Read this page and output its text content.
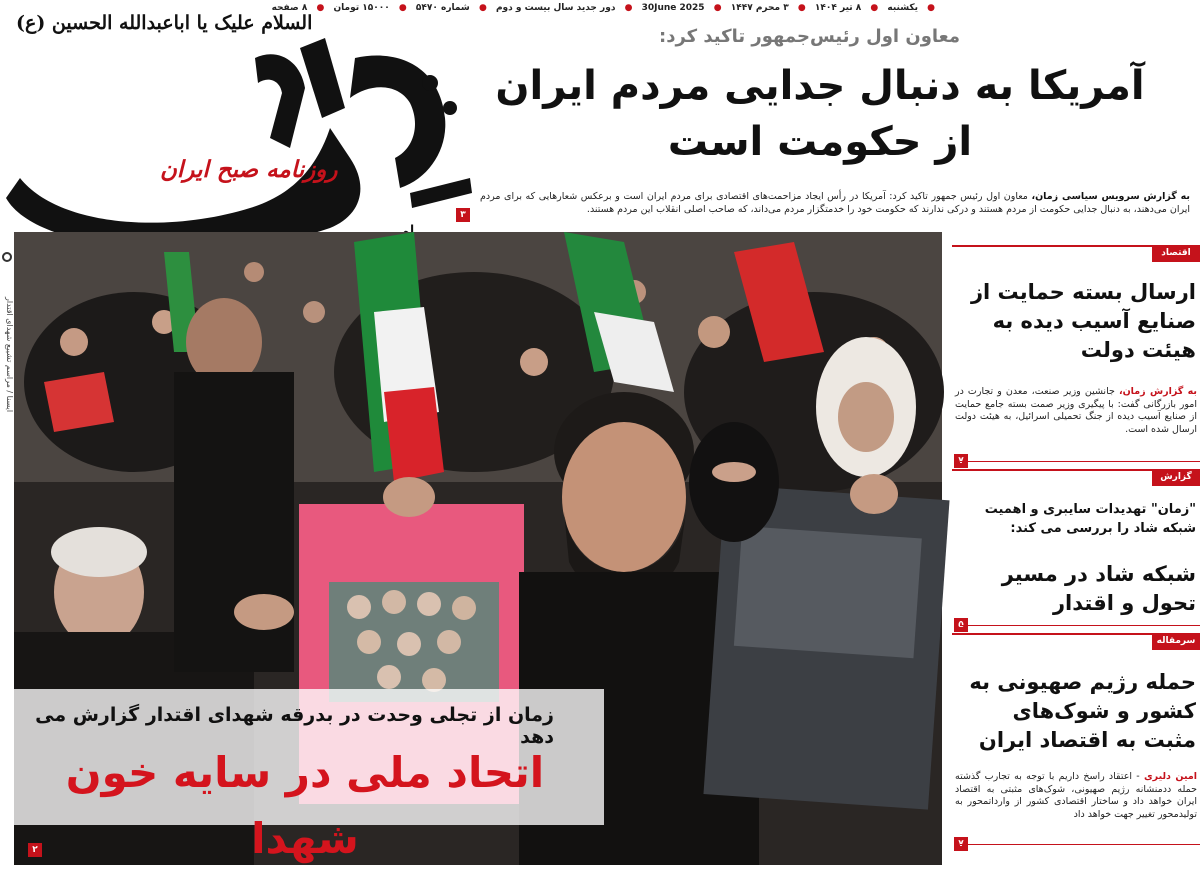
● یکشنبه ● ۸ تیر ۱۴۰۴ ● ۳ محرم ۱۴۴۷ ● 30June 2025 ● دور جدید سال بیست و دوم ● شماره ۵۴۷۰ ● ۱۵۰۰۰ تومان ● ۸ صفحه
السلام علیک یا اباعبدالله الحسین (ع)
روزنامه صبح ایران
معاون اول رئیس‌جمهور تاکید کرد:
آمریکا به دنبال جدایی مردم ایران
از حکومت است
به گزارش سرویس سیاسی زمان، معاون اول رئیس جمهور تاکید کرد: آمریکا در رأس ایجاد مزاحمت‌های اقتصادی برای مردم ایران است و برعکس شعارهایی که برای مردم ایران می‌دهند، به دنبال جدایی حکومت از مردم هستند و درکی ندارند که حکومت خود را خدمتگزار مردم می‌داند، که صاحب اصلی انقلاب این مردم هستند.
۳
ایسنا / مراسم تشییع شهدای اقتدار
زمان از تجلی وحدت در بدرقه شهدای اقتدار گزارش می دهد
اتحاد ملی در سایه خون شهدا
۲
اقتصاد
ارسال بسته حمایت از صنایع آسیب دیده به هیئت دولت
به گزارش زمان، جانشین وزیر صنعت، معدن و تجارت در امور بازرگانی گفت: با پیگیری وزیر صمت بسته جامع حمایت از صنایع آسیب دیده از جنگ تحمیلی اسرائیل، به هیئت دولت ارسال شده است.
گزارش
"زمان" تهدیدات سایبری و اهمیت
شبکه شاد را بررسی می کند:
شبکه شاد در مسیر تحول و اقتدار
سرمقاله
حمله رژیم صهیونی به کشور و شوک‌های مثبت به اقتصاد ایران
امین دلیری - اعتقاد راسخ داریم با توجه به تجارب گذشته حمله ددمنشانه رژیم صهیونی، شوک‌های مثبتی به اقتصاد ایران خواهد داد و ساختار اقتصادی کشور از وارداتمحور به تولیدمحور تغییر جهت خواهد داد
